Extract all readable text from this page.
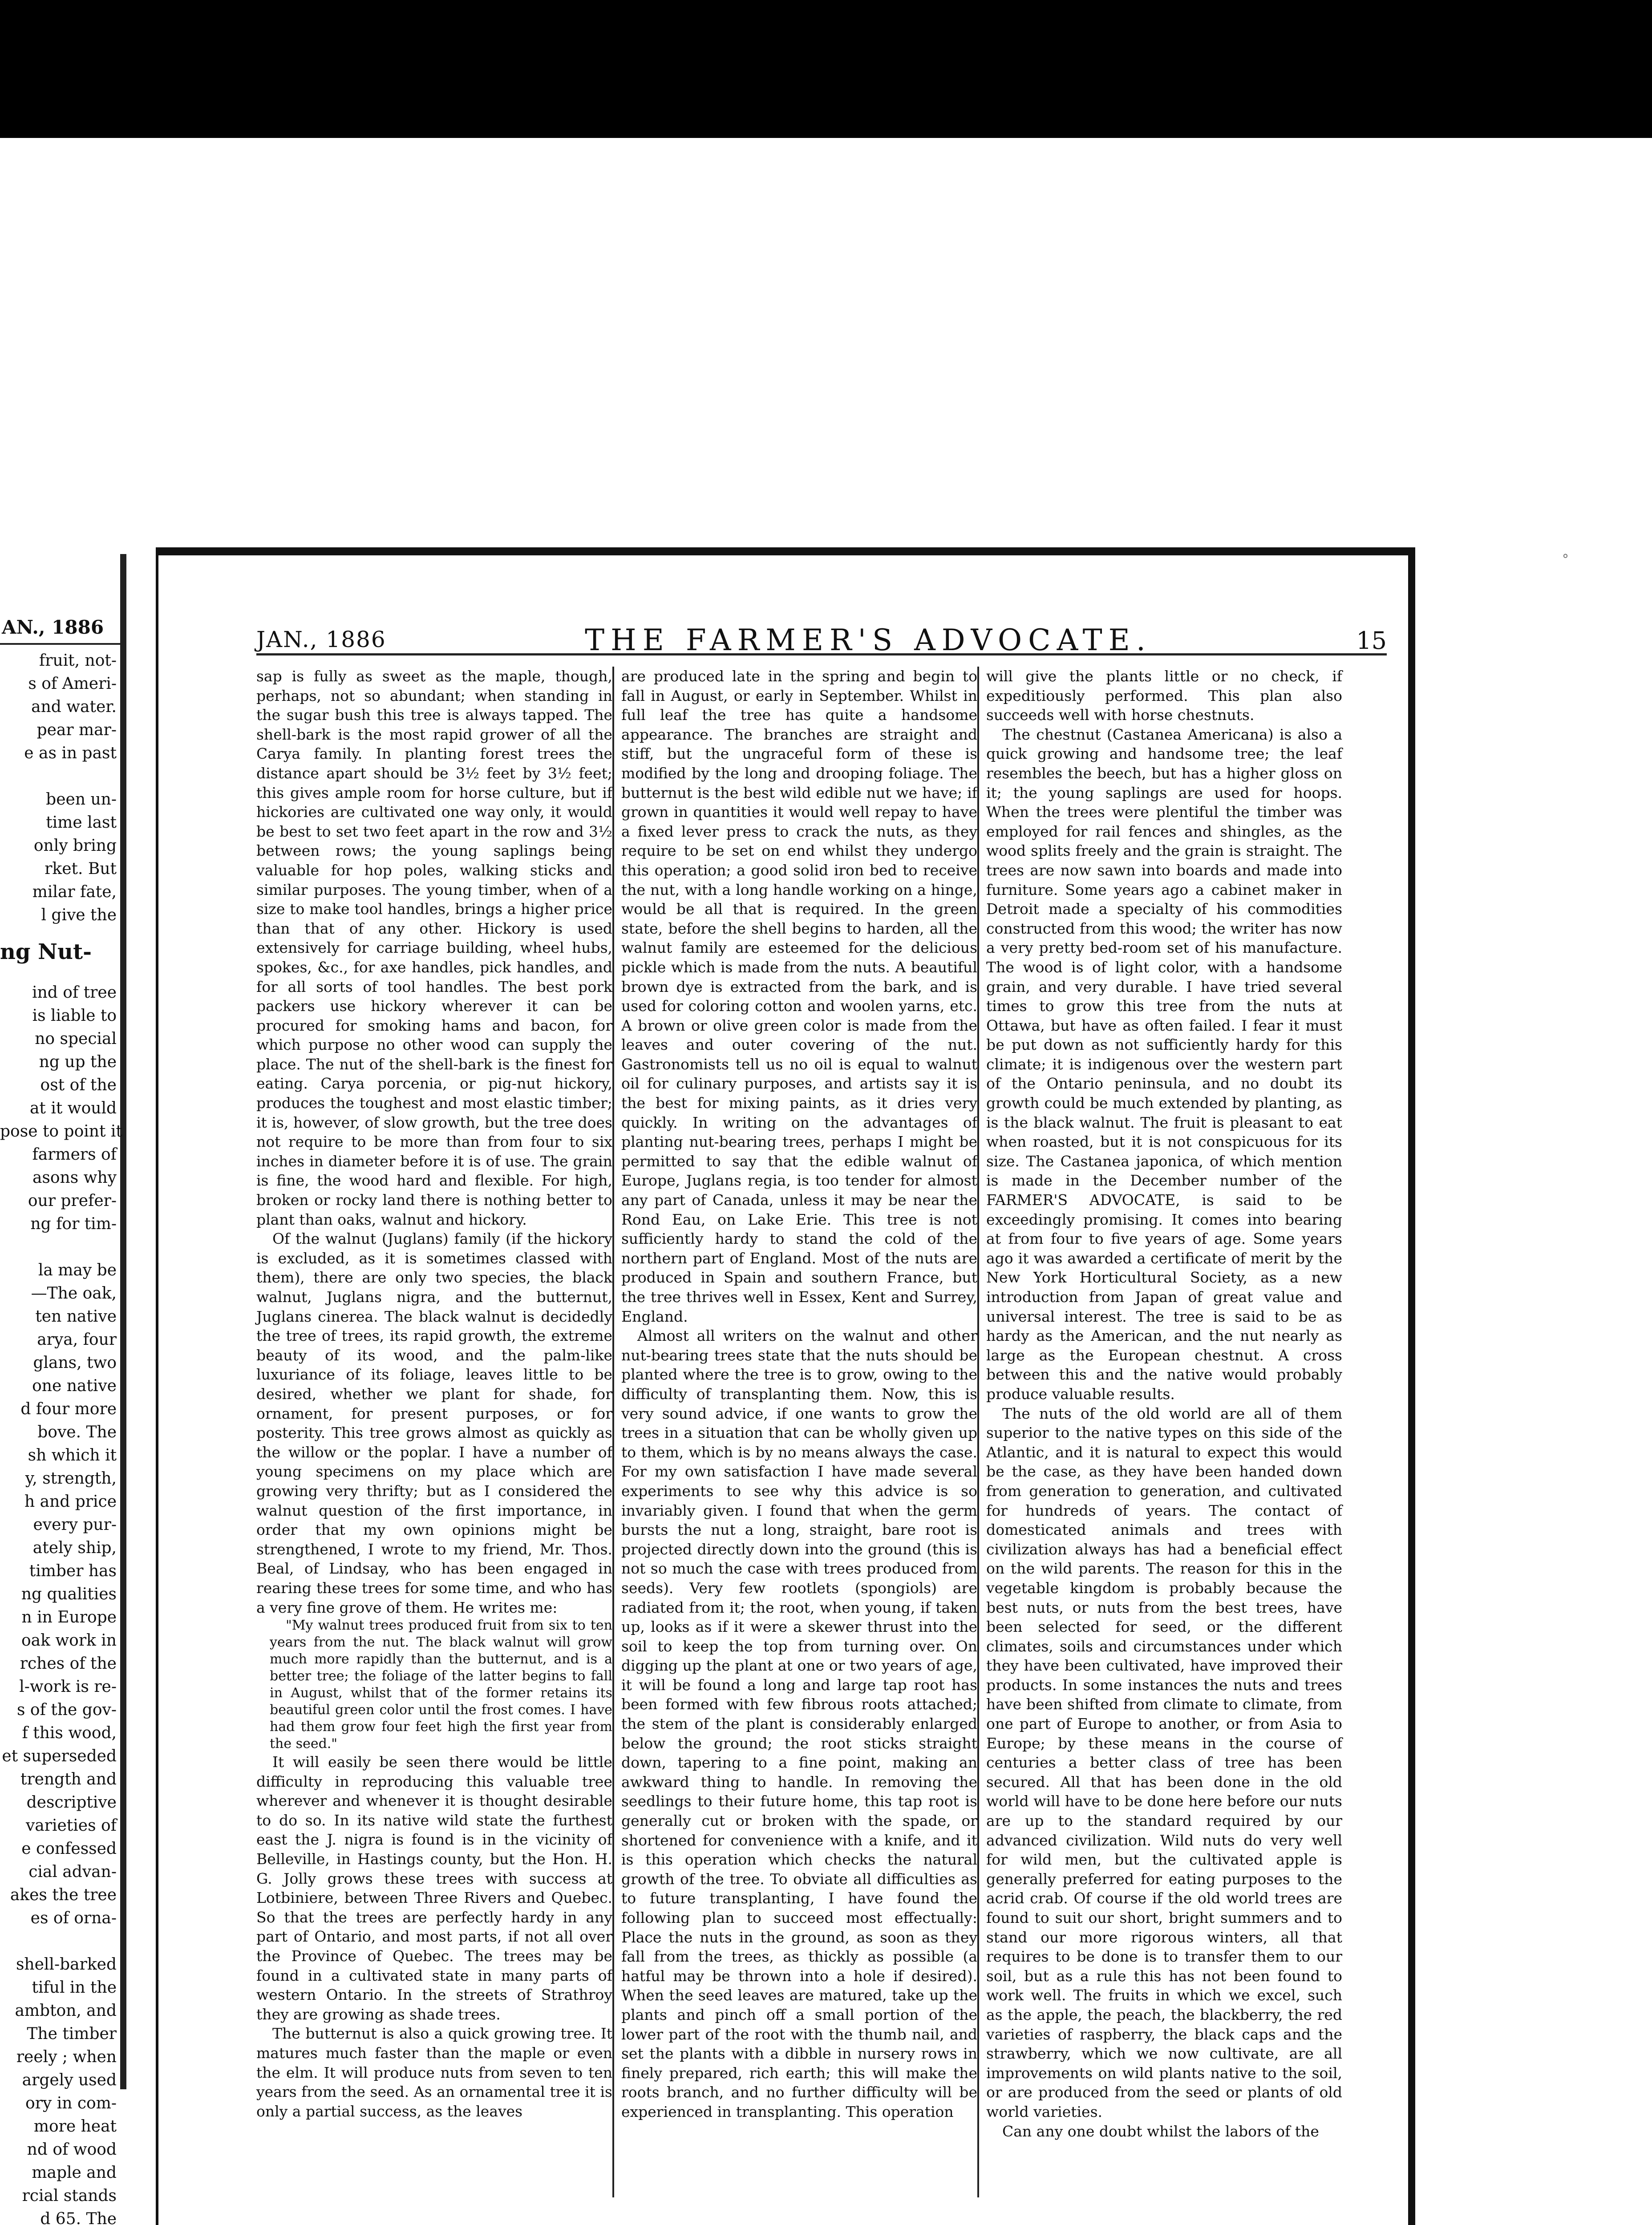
AN., 1886
fruit, not-
s of Ameri-
and water.
pear mar-
e as in past

been un-
time last
only bring
rket. But
milar fate,
l give the
ng Nut-
ind of tree
is liable to
no special
ng up the
ost of the
at it would
pose to point it
farmers of
asons why
our prefer-
ng for tim-

la may be
—The oak,
ten native
arya, four
glans, two
one native
d four more
bove. The
sh which it
y, strength,
h and price
every pur-
ately ship,
timber has
ng qualities
n in Europe
oak work in
rches of the
l-work is re-
s of the gov-
f this wood,
et superseded
trength and
descriptive
varieties of
e confessed
cial advan-
akes the tree
es of orna-

shell-barked
tiful in the
ambton, and
The timber
reely ; when
argely used
ory in com-
more heat
nd of wood
maple and
rcial stands
d 65. The
°
JAN., 1886	THE FARMER'S ADVOCATE.	15

sap is fully as sweet as the maple, though, perhaps, not so abundant; when standing in the sugar bush this tree is always tapped. The shell-bark is the most rapid grower of all the Carya family. In planting forest trees the distance apart should be 3½ feet by 3½ feet; this gives ample room for horse culture, but if hickories are cultivated one way only, it would be best to set two feet apart in the row and 3½ between rows; the young saplings being valuable for hop poles, walking sticks and similar purposes. The young timber, when of a size to make tool handles, brings a higher price than that of any other. Hickory is used extensively for carriage building, wheel hubs, spokes, &c., for axe handles, pick handles, and for all sorts of tool handles. The best pork packers use hickory wherever it can be procured for smoking hams and bacon, for which purpose no other wood can supply the place. The nut of the shell-bark is the finest for eating. Carya porcenia, or pig-nut hickory, produces the toughest and most elastic timber; it is, however, of slow growth, but the tree does not require to be more than from four to six inches in diameter before it is of use. The grain is fine, the wood hard and flexible. For high, broken or rocky land there is nothing better to plant than oaks, walnut and hickory.

Of the walnut (Juglans) family (if the hickory is excluded, as it is sometimes classed with them), there are only two species, the black walnut, Juglans nigra, and the butternut, Juglans cinerea. The black walnut is decidedly the tree of trees, its rapid growth, the extreme beauty of its wood, and the palm-like luxuriance of its foliage, leaves little to be desired, whether we plant for shade, for ornament, for present purposes, or for posterity. This tree grows almost as quickly as the willow or the poplar. I have a number of young specimens on my place which are growing very thrifty; but as I considered the walnut question of the first importance, in order that my own opinions might be strengthened, I wrote to my friend, Mr. Thos. Beal, of Lindsay, who has been engaged in rearing these trees for some time, and who has a very fine grove of them. He writes me:

"My walnut trees produced fruit from six to ten years from the nut. The black walnut will grow much more rapidly than the butternut, and is a better tree; the foliage of the latter begins to fall in August, whilst that of the former retains its beautiful green color until the frost comes. I have had them grow four feet high the first year from the seed."

It will easily be seen there would be little difficulty in reproducing this valuable tree wherever and whenever it is thought desirable to do so. In its native wild state the furthest east the J. nigra is found is in the vicinity of Belleville, in Hastings county, but the Hon. H. G. Jolly grows these trees with success at Lotbiniere, between Three Rivers and Quebec. So that the trees are perfectly hardy in any part of Ontario, and most parts, if not all over the Province of Quebec. The trees may be found in a cultivated state in many parts of western Ontario. In the streets of Strathroy they are growing as shade trees.

The butternut is also a quick growing tree. It matures much faster than the maple or even the elm. It will produce nuts from seven to ten years from the seed. As an ornamental tree it is only a partial success, as the leaves

are produced late in the spring and begin to fall in August, or early in September. Whilst in full leaf the tree has quite a handsome appearance. The branches are straight and stiff, but the ungraceful form of these is modified by the long and drooping foliage. The butternut is the best wild edible nut we have; if grown in quantities it would well repay to have a fixed lever press to crack the nuts, as they require to be set on end whilst they undergo this operation; a good solid iron bed to receive the nut, with a long handle working on a hinge, would be all that is required. In the green state, before the shell begins to harden, all the walnut family are esteemed for the delicious pickle which is made from the nuts. A beautiful brown dye is extracted from the bark, and is used for coloring cotton and woolen yarns, etc. A brown or olive green color is made from the leaves and outer covering of the nut. Gastronomists tell us no oil is equal to walnut oil for culinary purposes, and artists say it is the best for mixing paints, as it dries very quickly. In writing on the advantages of planting nut-bearing trees, perhaps I might be permitted to say that the edible walnut of Europe, Juglans regia, is too tender for almost any part of Canada, unless it may be near the Rond Eau, on Lake Erie. This tree is not sufficiently hardy to stand the cold of the northern part of England. Most of the nuts are produced in Spain and southern France, but the tree thrives well in Essex, Kent and Surrey, England.

Almost all writers on the walnut and other nut-bearing trees state that the nuts should be planted where the tree is to grow, owing to the difficulty of transplanting them. Now, this is very sound advice, if one wants to grow the trees in a situation that can be wholly given up to them, which is by no means always the case. For my own satisfaction I have made several experiments to see why this advice is so invariably given. I found that when the germ bursts the nut a long, straight, bare root is projected directly down into the ground (this is not so much the case with trees produced from seeds). Very few rootlets (spongiols) are radiated from it; the root, when young, if taken up, looks as if it were a skewer thrust into the soil to keep the top from turning over. On digging up the plant at one or two years of age, it will be found a long and large tap root has been formed with few fibrous roots attached; the stem of the plant is considerably enlarged below the ground; the root sticks straight down, tapering to a fine point, making an awkward thing to handle. In removing the seedlings to their future home, this tap root is generally cut or broken with the spade, or shortened for convenience with a knife, and it is this operation which checks the natural growth of the tree. To obviate all difficulties as to future transplanting, I have found the following plan to succeed most effectually: Place the nuts in the ground, as soon as they fall from the trees, as thickly as possible (a hatful may be thrown into a hole if desired). When the seed leaves are matured, take up the plants and pinch off a small portion of the lower part of the root with the thumb nail, and set the plants with a dibble in nursery rows in finely prepared, rich earth; this will make the roots branch, and no further difficulty will be experienced in transplanting. This operation

will give the plants little or no check, if expeditiously performed. This plan also succeeds well with horse chestnuts.

The chestnut (Castanea Americana) is also a quick growing and handsome tree; the leaf resembles the beech, but has a higher gloss on it; the young saplings are used for hoops. When the trees were plentiful the timber was employed for rail fences and shingles, as the wood splits freely and the grain is straight. The trees are now sawn into boards and made into furniture. Some years ago a cabinet maker in Detroit made a specialty of his commodities constructed from this wood; the writer has now a very pretty bed-room set of his manufacture. The wood is of light color, with a handsome grain, and very durable. I have tried several times to grow this tree from the nuts at Ottawa, but have as often failed. I fear it must be put down as not sufficiently hardy for this climate; it is indigenous over the western part of the Ontario peninsula, and no doubt its growth could be much extended by planting, as is the black walnut. The fruit is pleasant to eat when roasted, but it is not conspicuous for its size. The Castanea japonica, of which mention is made in the December number of the FARMER'S ADVOCATE, is said to be exceedingly promising. It comes into bearing at from four to five years of age. Some years ago it was awarded a certificate of merit by the New York Horticultural Society, as a new introduction from Japan of great value and universal interest. The tree is said to be as hardy as the American, and the nut nearly as large as the European chestnut. A cross between this and the native would probably produce valuable results.

The nuts of the old world are all of them superior to the native types on this side of the Atlantic, and it is natural to expect this would be the case, as they have been handed down from generation to generation, and cultivated for hundreds of years. The contact of domesticated animals and trees with civilization always has had a beneficial effect on the wild parents. The reason for this in the vegetable kingdom is probably because the best nuts, or nuts from the best trees, have been selected for seed, or the different climates, soils and circumstances under which they have been cultivated, have improved their products. In some instances the nuts and trees have been shifted from climate to climate, from one part of Europe to another, or from Asia to Europe; by these means in the course of centuries a better class of tree has been secured. All that has been done in the old world will have to be done here before our nuts are up to the standard required by our advanced civilization. Wild nuts do very well for wild men, but the cultivated apple is generally preferred for eating purposes to the acrid crab. Of course if the old world trees are found to suit our short, bright summers and to stand our more rigorous winters, all that requires to be done is to transfer them to our soil, but as a rule this has not been found to work well. The fruits in which we excel, such as the apple, the peach, the blackberry, the red varieties of raspberry, the black caps and the strawberry, which we now cultivate, are all improvements on wild plants native to the soil, or are produced from the seed or plants of old world varieties.

Can any one doubt whilst the labors of the
